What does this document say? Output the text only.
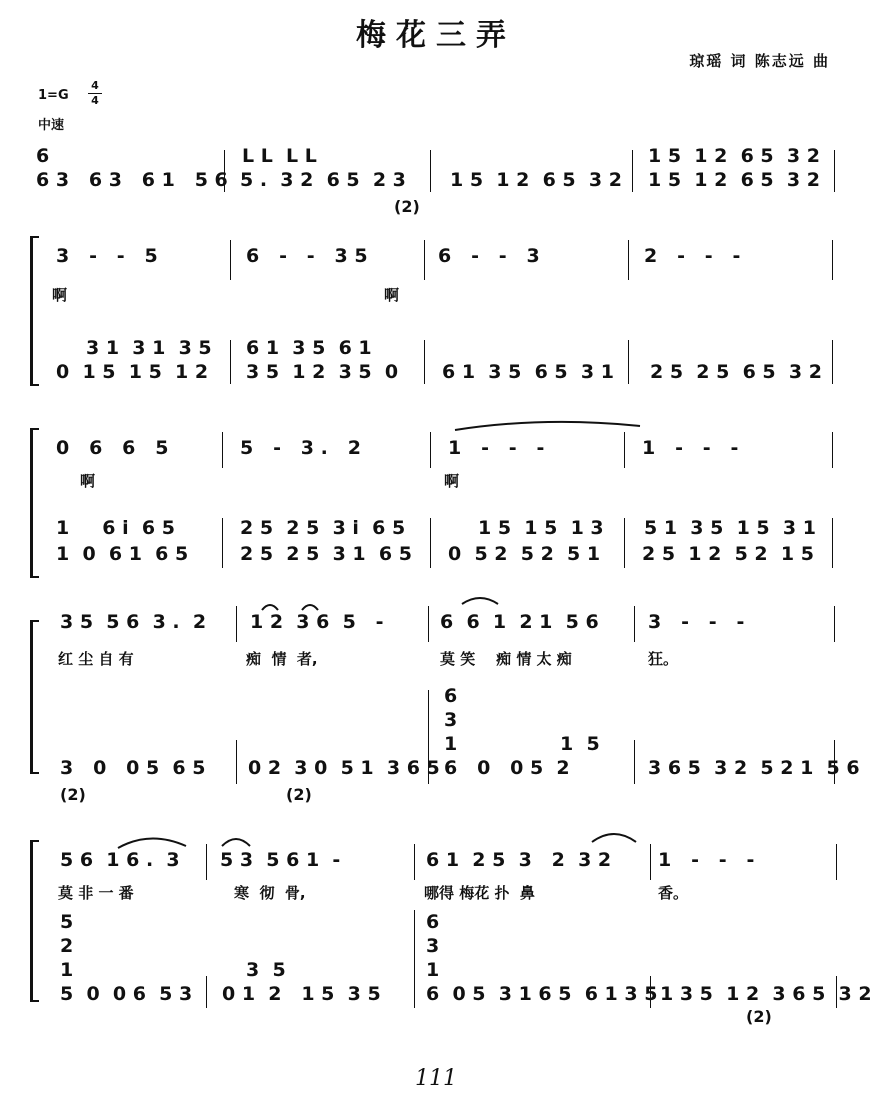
梅花三弄
琼瑶 词 陈志远 曲
1=G
4
4
中速
6	L L  L L	1 5  1 2  6 5  3 2
6 3   6 3   6 1   5 6 5 .  3 2  6 5  2 3 1 5  1 2  6 5  3 2 1 5  1 2  6 5  3 2
(2)
3   -   -   5	6   -   -   3 5	6   -   -   3	2   -   -   -
啊	啊
3 1  3 1  3 5 6 1  3 5  6 1
0  1 5  1 5  1 2 3 5  1 2  3 5  0 6 1  3 5  6 5  3 1 2 5  2 5  6 5  3 2
0   6   6   5	5   -   3 .   2	1   -   -   -	1   -   -   -
啊	啊
1     6 i  6 5	2 5  2 5  3 i  6 5	1 5  1 5  1 3 5 1  3 5  1 5  3 1
1  0  6 1  6 5	2 5  2 5  3 1  6 5 0  5 2  5 2  5 1 2 5  1 2  5 2  1 5
3 5  5 6  3 .  2 1 2  3 6  5   -	6  6  1  2 1  5 6	3   -   -   -
红 尘 自 有	痴  情  者,	莫 笑    痴 情 太 痴	狂。
6
3
1	1  5
3   0   0 5  6 5 0 2  3 0  5 1  3 6 5 6   0   0 5  2	3 6 5  3 2  5 2 1  5 6
(2)	(2)
5 6  1 6 .  3 5 3  5 6 1  -	6 1  2 5  3   2  3 2 1   -   -   -
莫 非 一 番	寒  彻  骨,	哪得 梅花 扑  鼻	香。
5
2
1
6
3
1
3  5
5  0  0 6  5 3 0 1  2   1 5  3 5 6  0 5  3 1 6 5  6 1 3 5 1 3 5  1 2  3 6 5  3 2
(2)
111
